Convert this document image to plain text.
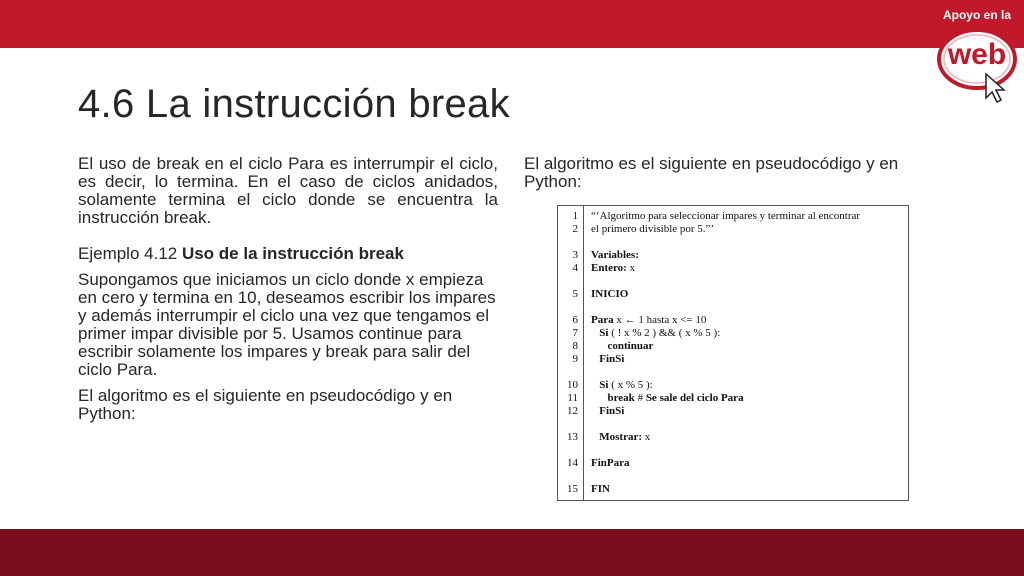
Apoyo en la
web
4.6 La instrucción break

El uso de break en el ciclo Para es interrumpir el ciclo, es decir, lo termina. En el caso de ciclos anidados, solamente termina el ciclo donde se encuentra la instrucción break.

Ejemplo 4.12 Uso de la instrucción break

Supongamos que iniciamos un ciclo donde x empieza en cero y termina en 10, deseamos escribir los impares y además interrumpir el ciclo una vez que tengamos el primer impar divisible por 5. Usamos continue para escribir solamente los impares y break para salir del ciclo Para.

El algoritmo es el siguiente en pseudocódigo y en Python:

El algoritmo es el siguiente en pseudocódigo y en Python:

1 “‘Algoritmo para seleccionar impares y terminar al encontrar
2 el primero divisible por 5.”’
3 Variables:
4 Entero: x
5 INICIO
6 Para x ← 1 hasta x <= 10
7	Si ( ! x % 2 ) && ( x % 5 ):
8	continuar
9	FinSi
10	Si ( x % 5 ):
11	break # Se sale del ciclo Para
12	FinSi
13	Mostrar: x
14 FinPara
15 FIN
